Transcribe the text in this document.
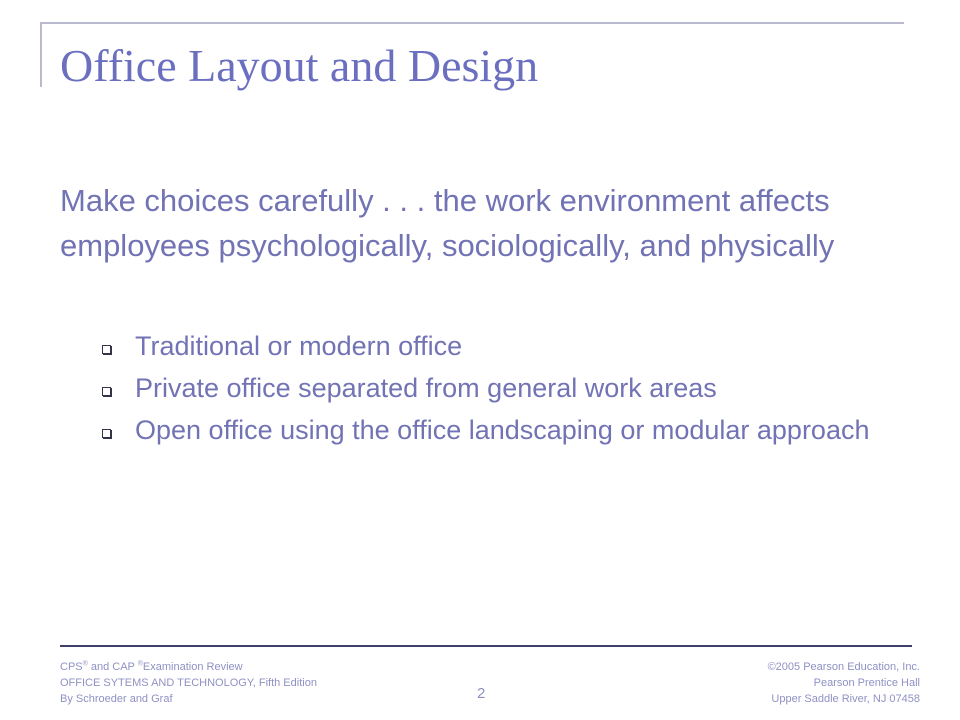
Office Layout and Design

Make choices carefully . . . the work environment affects employees psychologically, sociologically, and physically

Traditional or modern office
Private office separated from general work areas
Open office using the office landscaping or modular approach
CPS® and CAP ®Examination Review
OFFICE SYTEMS AND TECHNOLOGY, Fifth Edition
By Schroeder and Graf	2
©2005 Pearson Education, Inc.
Pearson Prentice Hall
Upper Saddle River, NJ 07458
